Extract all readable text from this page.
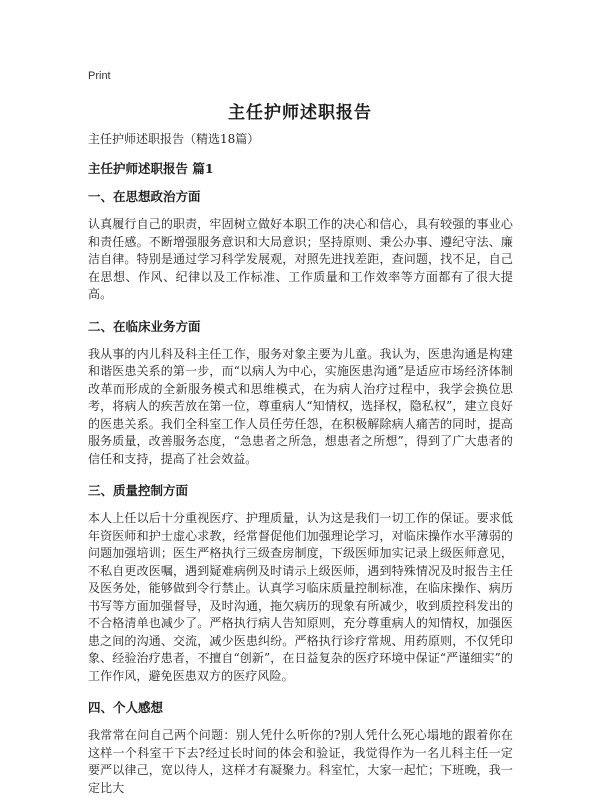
Print
主任护师述职报告

主任护师述职报告（精选18篇）

主任护师述职报告 篇1
一、在思想政治方面

认真履行自己的职责，牢固树立做好本职工作的决心和信心，具有较强的事业心和责任感。不断增强服务意识和大局意识；坚持原则、秉公办事、遵纪守法、廉洁自律。特别是通过学习科学发展观，对照先进找差距，查问题，找不足，自己在思想、作风、纪律以及工作标准、工作质量和工作效率等方面都有了很大提高。

二、在临床业务方面

我从事的内儿科及科主任工作，服务对象主要为儿童。我认为，医患沟通是构建和谐医患关系的第一步，而“以病人为中心，实施医患沟通”是适应市场经济体制改革而形成的全新服务模式和思维模式，在为病人治疗过程中，我学会换位思考，将病人的疾苦放在第一位，尊重病人“知情权，选择权，隐私权”，建立良好的医患关系。我们全科室工作人员任劳任怨，在积极解除病人痛苦的同时，提高服务质量，改善服务态度，“急患者之所急，想患者之所想”，得到了广大患者的信任和支持，提高了社会效益。

三、质量控制方面

本人上任以后十分重视医疗、护理质量，认为这是我们一切工作的保证。要求低年资医师和护士虚心求教，经常督促他们加强理论学习，对临床操作水平薄弱的问题加强培训；医生严格执行三级查房制度，下级医师加实记录上级医师意见，不私自更改医嘱，遇到疑难病例及时请示上级医师，遇到特殊情况及时报告主任及医务处，能够做到令行禁止。认真学习临床质量控制标准，在临床操作、病历书写等方面加强督导，及时沟通，拖欠病历的现象有所减少，收到质控科发出的不合格清单也减少了。严格执行病人告知原则，充分尊重病人的知情权，加强医患之间的沟通、交流，减少医患纠纷。严格执行诊疗常规、用药原则，不仅凭印象、经验治疗患者，不擅自“创新”，在日益复杂的医疗环境中保证“严谨细实”的工作作风，避免医患双方的医疗风险。

四、个人感想

我常常在问自己两个问题：别人凭什么听你的?别人凭什么死心塌地的跟着你在这样一个科室干下去?经过长时间的体会和验证，我觉得作为一名儿科主任一定要严以律己，宽以待人，这样才有凝聚力。科室忙，大家一起忙；下班晚，我一定比大
